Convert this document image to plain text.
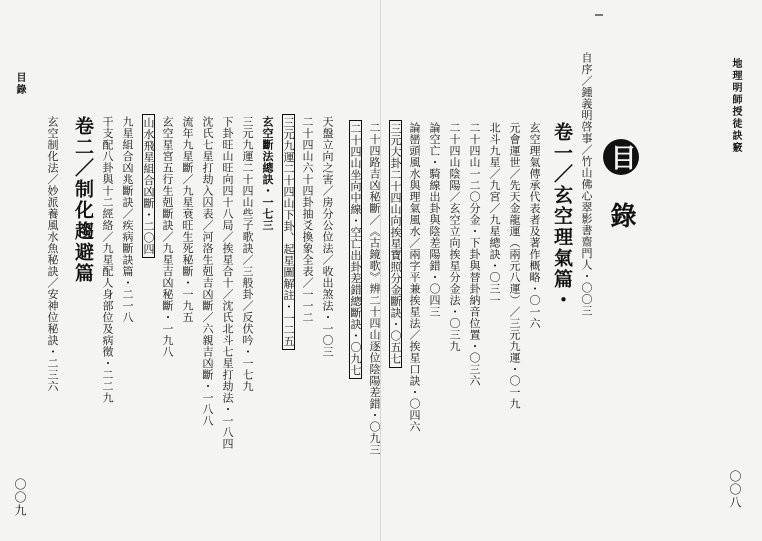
目錄
天盤立向之害／房分公位法／收出煞法・一〇三
二十四山六十四卦抽爻換象全表／一一二
三元九運二十四山下卦、起星圖解註・一二五
玄空斷法總訣・一七三
三元九運二十四山些子歌訣／三般卦／反伏吟・一七九
下卦旺山旺向四十八局／挨星合十／沈氏北斗七星打劫法・一八四
沈氏七星打劫入囚表／河洛生剋吉凶斷／六親吉凶斷・一八八
流年九星斷／九星衰旺生死秘斷・一九五
玄空星宮五行生剋斷訣／九星吉凶秘斷・一九八
山水飛星組合凶斷・二〇四
九星組合凶兆斷訣／疾病斷訣篇・二一八
干支配八卦與十二經絡／九星配人身部位及病徵・二二九
卷二／制化趨避篇
玄空制化法／妙派養風水魚秘訣／安神位秘訣・二三六
〇〇九
地理明師授徒訣竅
目 錄
自序／鍾義明啓事／竹山佛心翠影書齋門人・〇〇三
卷一／玄空理氣篇・
玄空理氣傳承代表者及著作概略・〇一六
元會運世／先天金龍運（兩元八運）／三元九運・〇一九
北斗九星／九宮／九星總訣・〇三一
二十四山一二〇分金・下卦與替卦納音位置・〇三六
二十四山陰陽／玄空立向挨星分金法・〇三九
論空亡・騎線出卦與陰差陽錯・〇四三
論巒頭風水與理氣風水／兩字平兼挨星法／挨星口訣・〇四六
三元大卦二十四山向挨星寶照分金斷訣・〇五七
二十四路吉凶秘斷／《古鏡歌》辨二十四山逐位陰陽差錯・〇九三
二十四山坐向中線・空亡出卦差錯總斷訣・〇九七
〇〇八
